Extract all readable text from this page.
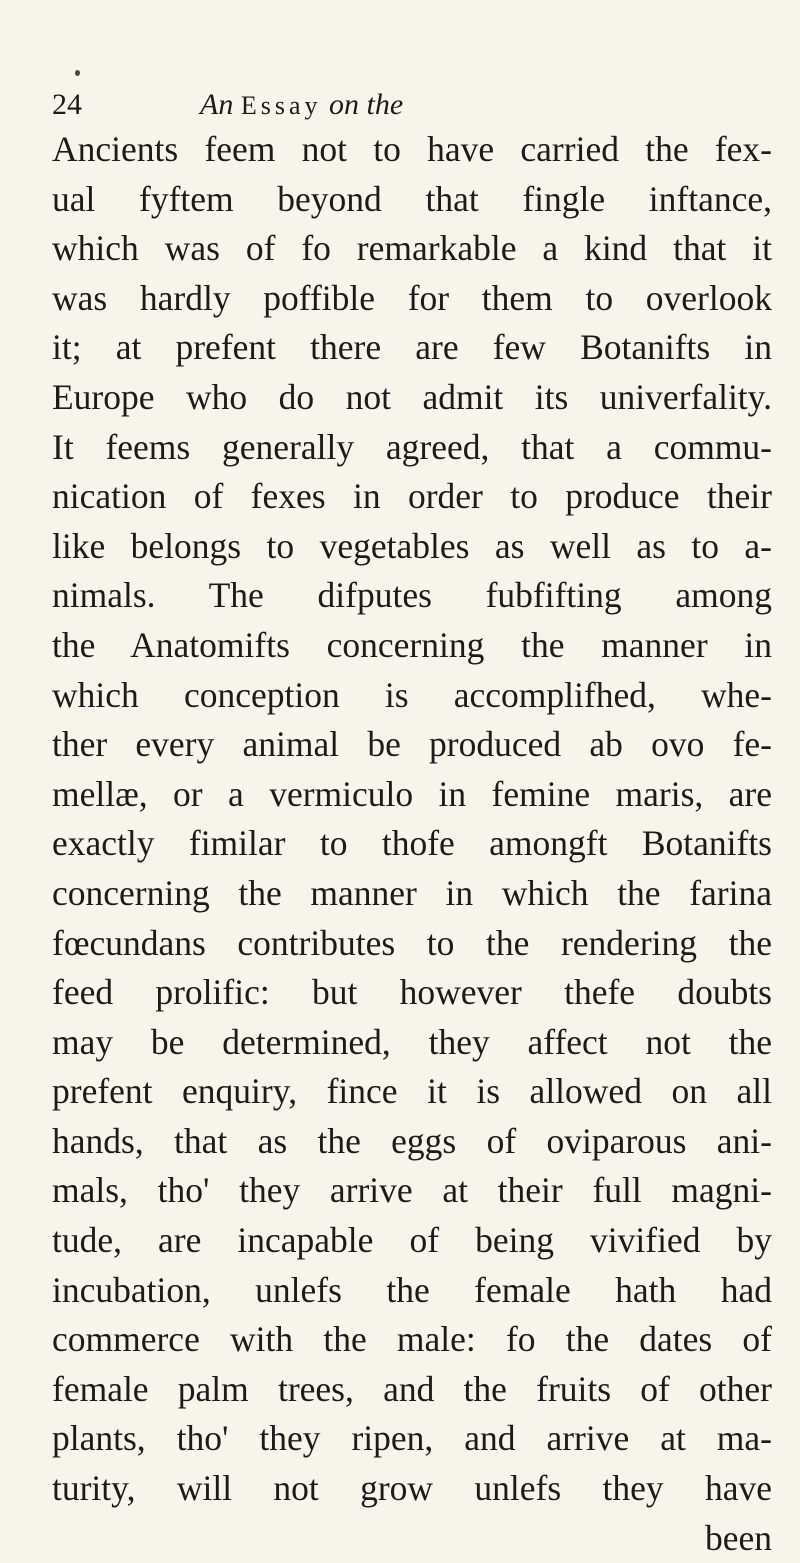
24	An Essay on the
Ancients feem not to have carried the fex-
ual fyftem beyond that fingle inftance,
which was of fo remarkable a kind that it
was hardly poffible for them to overlook
it; at prefent there are few Botanifts in
Europe who do not admit its univerfality.
It feems generally agreed, that a commu-
nication of fexes in order to produce their
like belongs to vegetables as well as to a-
nimals. The difputes fubfifting among
the Anatomifts concerning the manner in
which conception is accomplifhed, whe-
ther every animal be produced ab ovo fe-
mellæ, or a vermiculo in femine maris, are
exactly fimilar to thofe amongft Botanifts
concerning the manner in which the farina
fœcundans contributes to the rendering the
feed prolific: but however thefe doubts
may be determined, they affect not the
prefent enquiry, fince it is allowed on all
hands, that as the eggs of oviparous ani-
mals, tho' they arrive at their full magni-
tude, are incapable of being vivified by
incubation, unlefs the female hath had
commerce with the male: fo the dates of
female palm trees, and the fruits of other
plants, tho' they ripen, and arrive at ma-
turity, will not grow unlefs they have
been
